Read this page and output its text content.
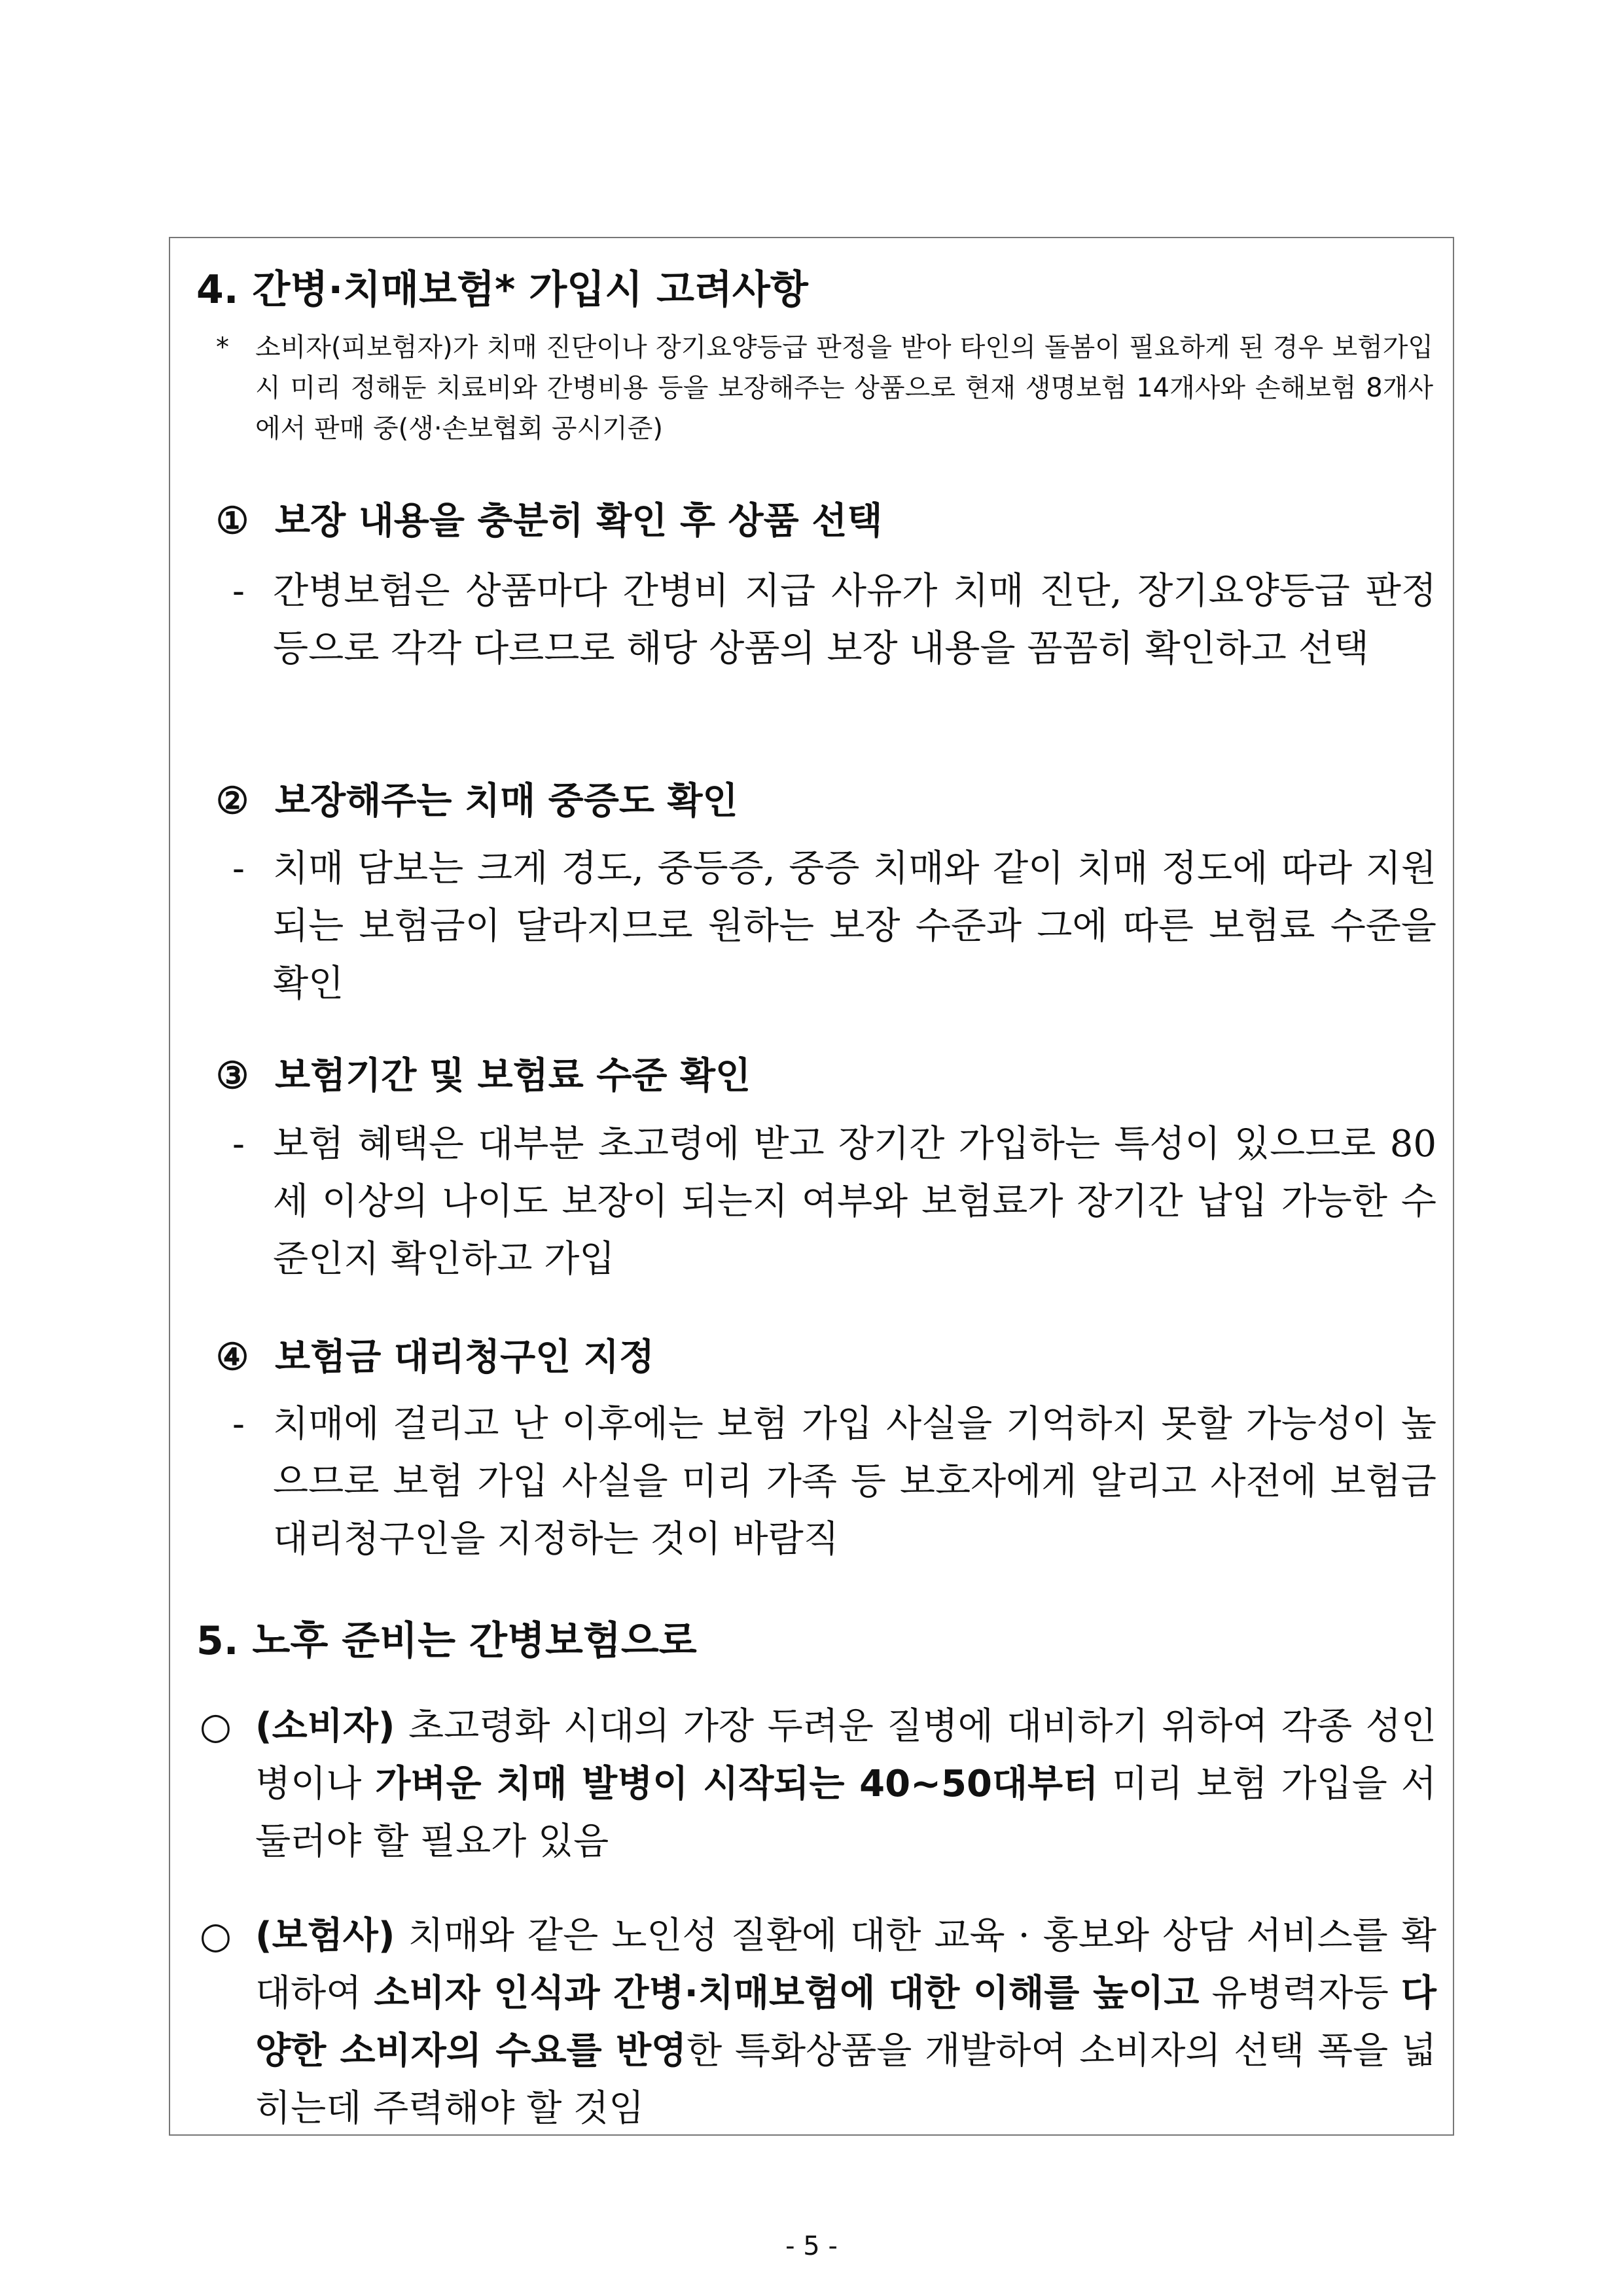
4. 간병·치매보험* 가입시 고려사항
*	소비자(피보험자)가 치매 진단이나 장기요양등급 판정을 받아 타인의 돌봄이 필요하게 된 경우 보험가입시 미리 정해둔 치료비와 간병비용 등을 보장해주는 상품으로 현재 생명보험 14개사와 손해보험 8개사에서 판매 중(생·손보협회 공시기준)
① 보장 내용을 충분히 확인 후 상품 선택
- 간병보험은 상품마다 간병비 지급 사유가 치매 진단, 장기요양등급 판정 등으로 각각 다르므로 해당 상품의 보장 내용을 꼼꼼히 확인하고 선택
② 보장해주는 치매 중증도 확인
- 치매 담보는 크게 경도, 중등증, 중증 치매와 같이 치매 정도에 따라 지원되는 보험금이 달라지므로 원하는 보장 수준과 그에 따른 보험료 수준을 확인
③ 보험기간 및 보험료 수준 확인
- 보험 혜택은 대부분 초고령에 받고 장기간 가입하는 특성이 있으므로 80세 이상의 나이도 보장이 되는지 여부와 보험료가 장기간 납입 가능한 수준인지 확인하고 가입
④ 보험금 대리청구인 지정
- 치매에 걸리고 난 이후에는 보험 가입 사실을 기억하지 못할 가능성이 높으므로 보험 가입 사실을 미리 가족 등 보호자에게 알리고 사전에 보험금 대리청구인을 지정하는 것이 바람직
5. 노후 준비는 간병보험으로
○ (소비자) 초고령화 시대의 가장 두려운 질병에 대비하기 위하여 각종 성인병이나 가벼운 치매 발병이 시작되는 40~50대부터 미리 보험 가입을 서둘러야 할 필요가 있음
○ (보험사) 치매와 같은 노인성 질환에 대한 교육 · 홍보와 상담 서비스를 확대하여 소비자 인식과 간병·치매보험에 대한 이해를 높이고 유병력자등 다양한 소비자의 수요를 반영한 특화상품을 개발하여 소비자의 선택 폭을 넓히는데 주력해야 할 것임
- 5 -
